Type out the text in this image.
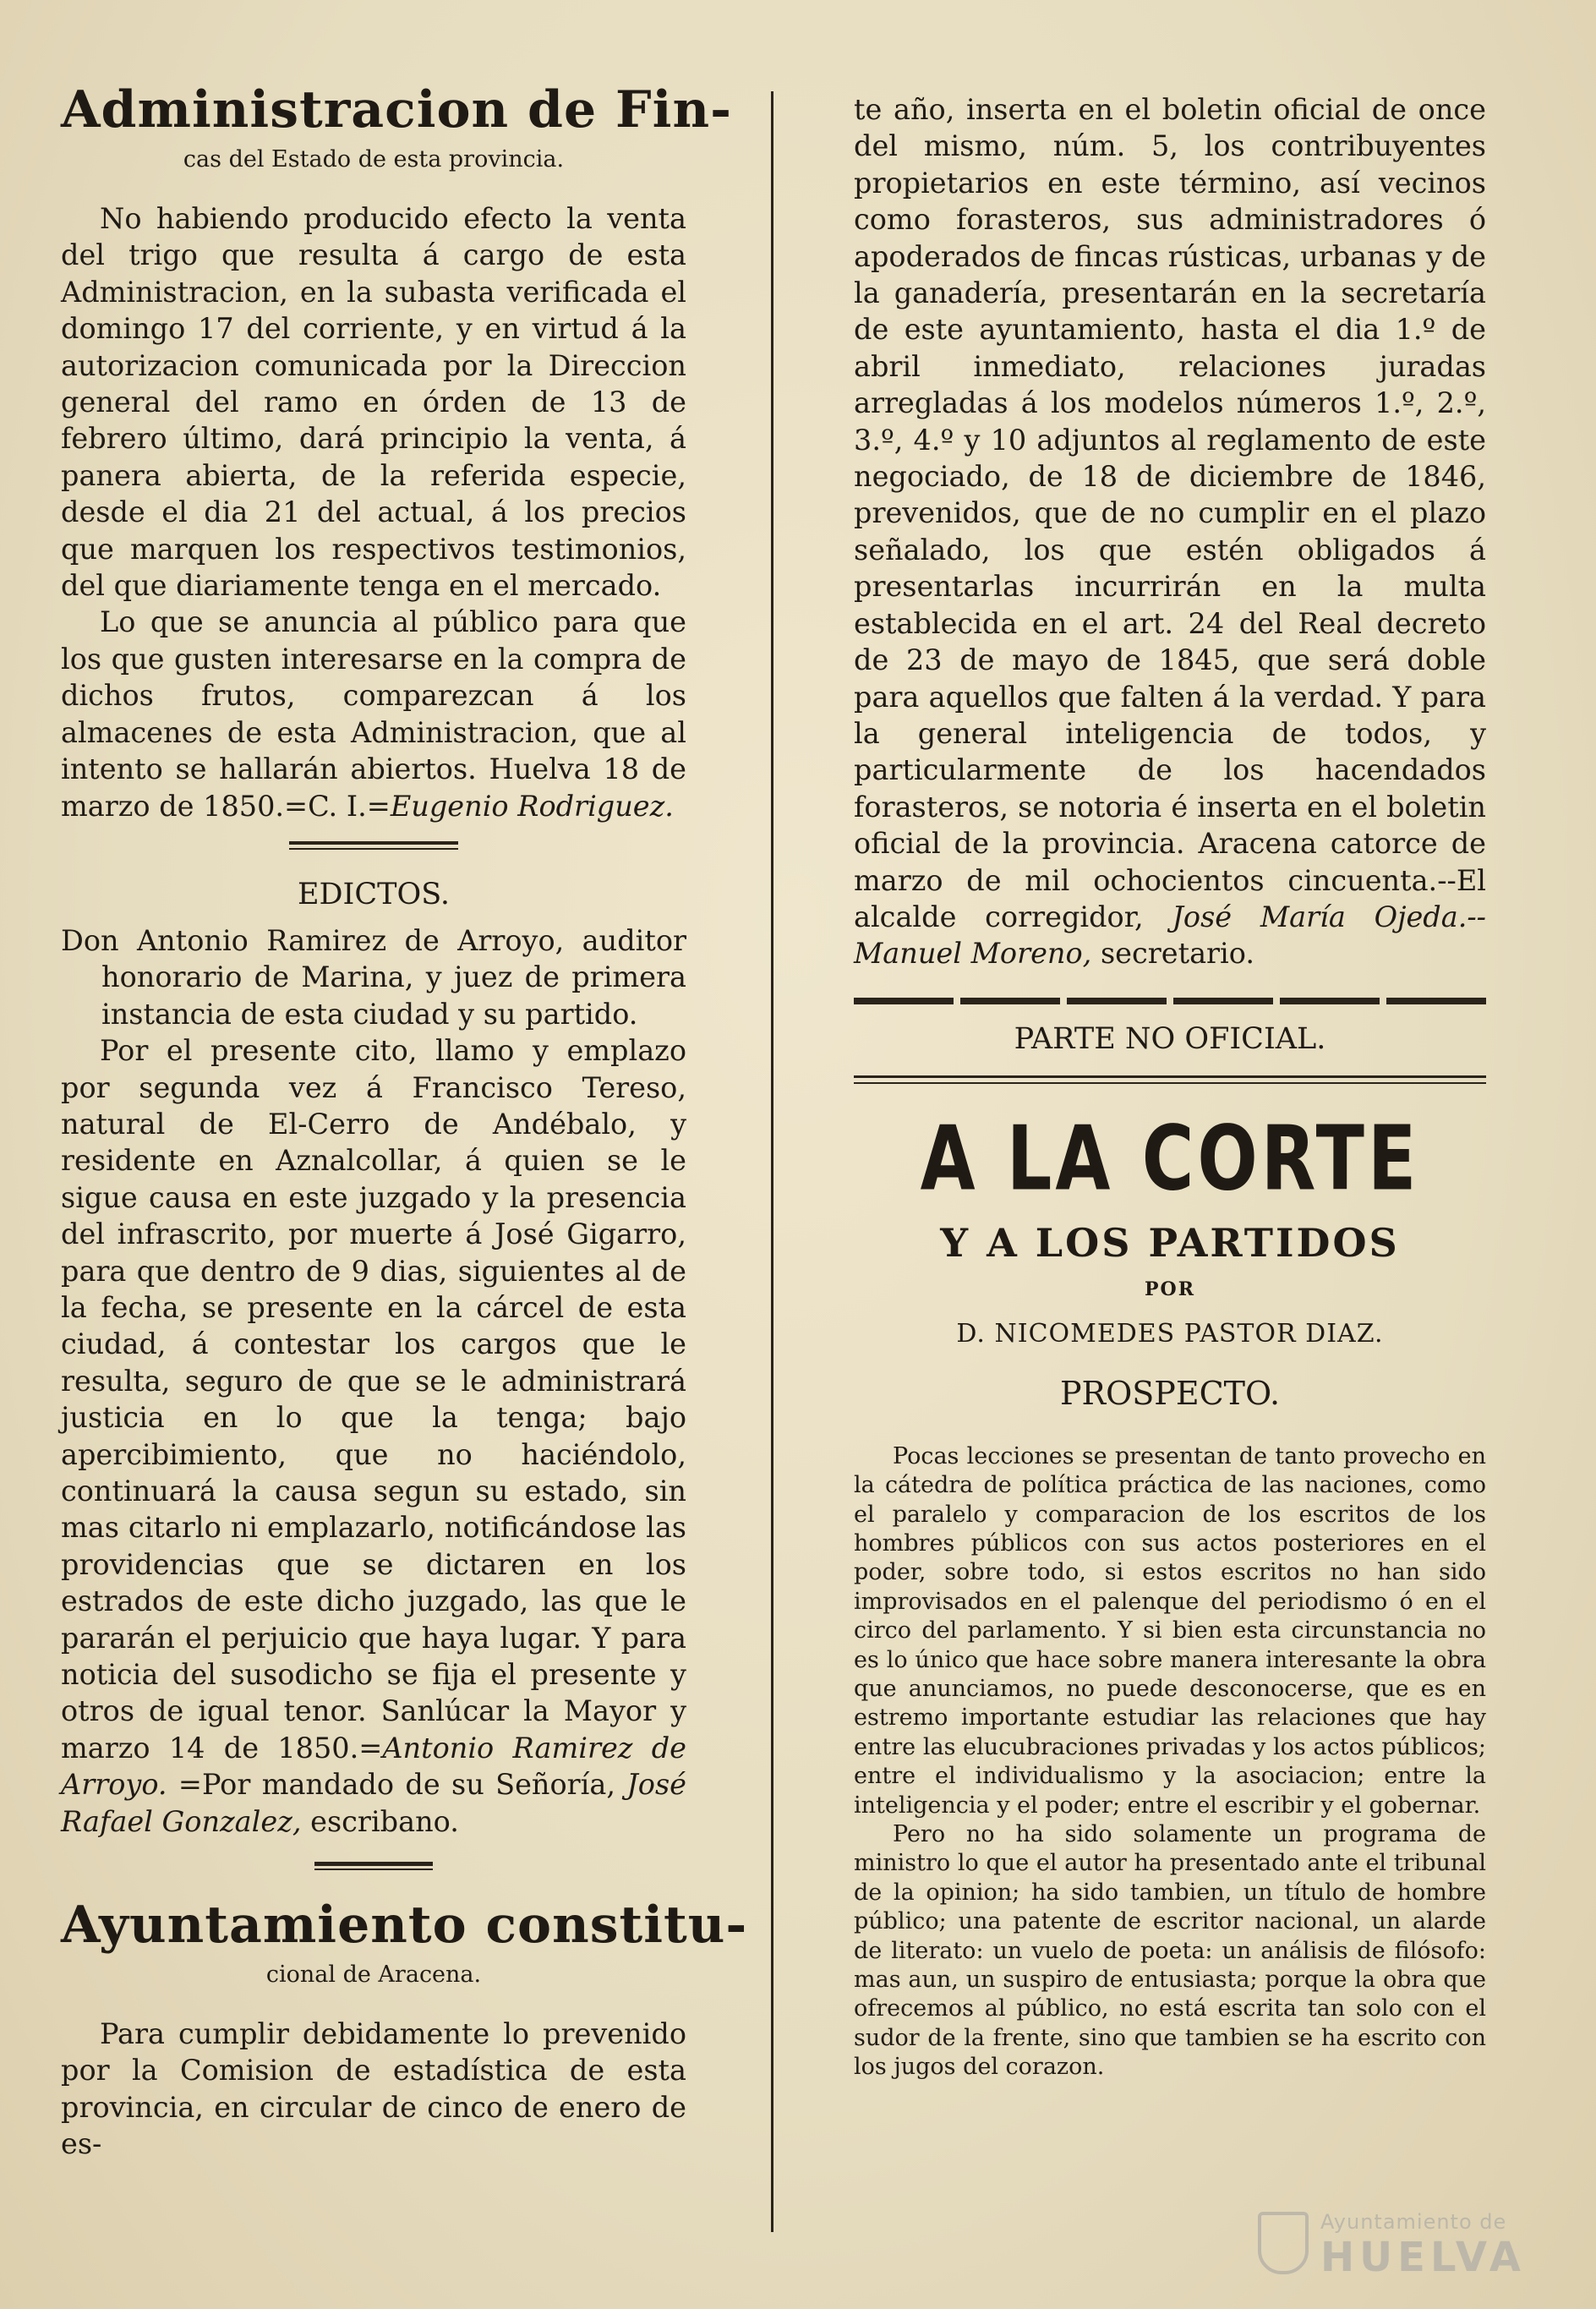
Administracion de Fin-
cas del Estado de esta provincia.

No habiendo producido efecto la venta del trigo que resulta á cargo de esta Administracion, en la subasta verificada el domingo 17 del corriente, y en virtud á la autorizacion comunicada por la Direccion general del ramo en órden de 13 de febrero último, dará principio la venta, á panera abierta, de la referida especie, desde el dia 21 del actual, á los precios que marquen los respectivos testimonios, del que diariamente tenga en el mercado.

Lo que se anuncia al público para que los que gusten interesarse en la compra de dichos frutos, comparezcan á los almacenes de esta Administracion, que al intento se hallarán abiertos. Huelva 18 de marzo de 1850.=C. I.=Eugenio Rodriguez.

EDICTOS.

Don Antonio Ramirez de Arroyo, auditor honorario de Marina, y juez de primera instancia de esta ciudad y su partido.

Por el presente cito, llamo y emplazo por segunda vez á Francisco Tereso, natural de El-Cerro de Andébalo, y residente en Aznalcollar, á quien se le sigue causa en este juzgado y la presencia del infrascrito, por muerte á José Gigarro, para que dentro de 9 dias, siguientes al de la fecha, se presente en la cárcel de esta ciudad, á contestar los cargos que le resulta, seguro de que se le administrará justicia en lo que la tenga; bajo apercibimiento, que no haciéndolo, continuará la causa segun su estado, sin mas citarlo ni emplazarlo, notificándose las providencias que se dictaren en los estrados de este dicho juzgado, las que le pararán el perjuicio que haya lugar. Y para noticia del susodicho se fija el presente y otros de igual tenor. Sanlúcar la Mayor y marzo 14 de 1850.=Antonio Ramirez de Arroyo. =Por mandado de su Señoría, José Rafael Gonzalez, escribano.

Ayuntamiento constitu-
cional de Aracena.

Para cumplir debidamente lo prevenido por la Comision de estadística de esta provincia, en circular de cinco de enero de es-

te año, inserta en el boletin oficial de once del mismo, núm. 5, los contribuyentes propietarios en este término, así vecinos como forasteros, sus administradores ó apoderados de fincas rústicas, urbanas y de la ganadería, presentarán en la secretaría de este ayuntamiento, hasta el dia 1.º de abril inmediato, relaciones juradas arregladas á los modelos números 1.º, 2.º, 3.º, 4.º y 10 adjuntos al reglamento de este negociado, de 18 de diciembre de 1846, prevenidos, que de no cumplir en el plazo señalado, los que estén obligados á presentarlas incurrirán en la multa establecida en el art. 24 del Real decreto de 23 de mayo de 1845, que será doble para aquellos que falten á la verdad. Y para la general inteligencia de todos, y particularmente de los hacendados forasteros, se notoria é inserta en el boletin oficial de la provincia. Aracena catorce de marzo de mil ochocientos cincuenta.--El alcalde corregidor, José María Ojeda.--Manuel Moreno, secretario.

PARTE NO OFICIAL.
A LA CORTE
Y A LOS PARTIDOS
POR
D. NICOMEDES PASTOR DIAZ.
PROSPECTO.

Pocas lecciones se presentan de tanto provecho en la cátedra de política práctica de las naciones, como el paralelo y comparacion de los escritos de los hombres públicos con sus actos posteriores en el poder, sobre todo, si estos escritos no han sido improvisados en el palenque del periodismo ó en el circo del parlamento. Y si bien esta circunstancia no es lo único que hace sobre manera interesante la obra que anunciamos, no puede desconocerse, que es en estremo importante estudiar las relaciones que hay entre las elucubraciones privadas y los actos públicos; entre el individualismo y la asociacion; entre la inteligencia y el poder; entre el escribir y el gobernar.

Pero no ha sido solamente un programa de ministro lo que el autor ha presentado ante el tribunal de la opinion; ha sido tambien, un título de hombre público; una patente de escritor nacional, un alarde de literato: un vuelo de poeta: un análisis de filósofo: mas aun, un suspiro de entusiasta; porque la obra que ofrecemos al público, no está escrita tan solo con el sudor de la frente, sino que tambien se ha escrito con los jugos del corazon.

Ayuntamiento de
HUELVA
